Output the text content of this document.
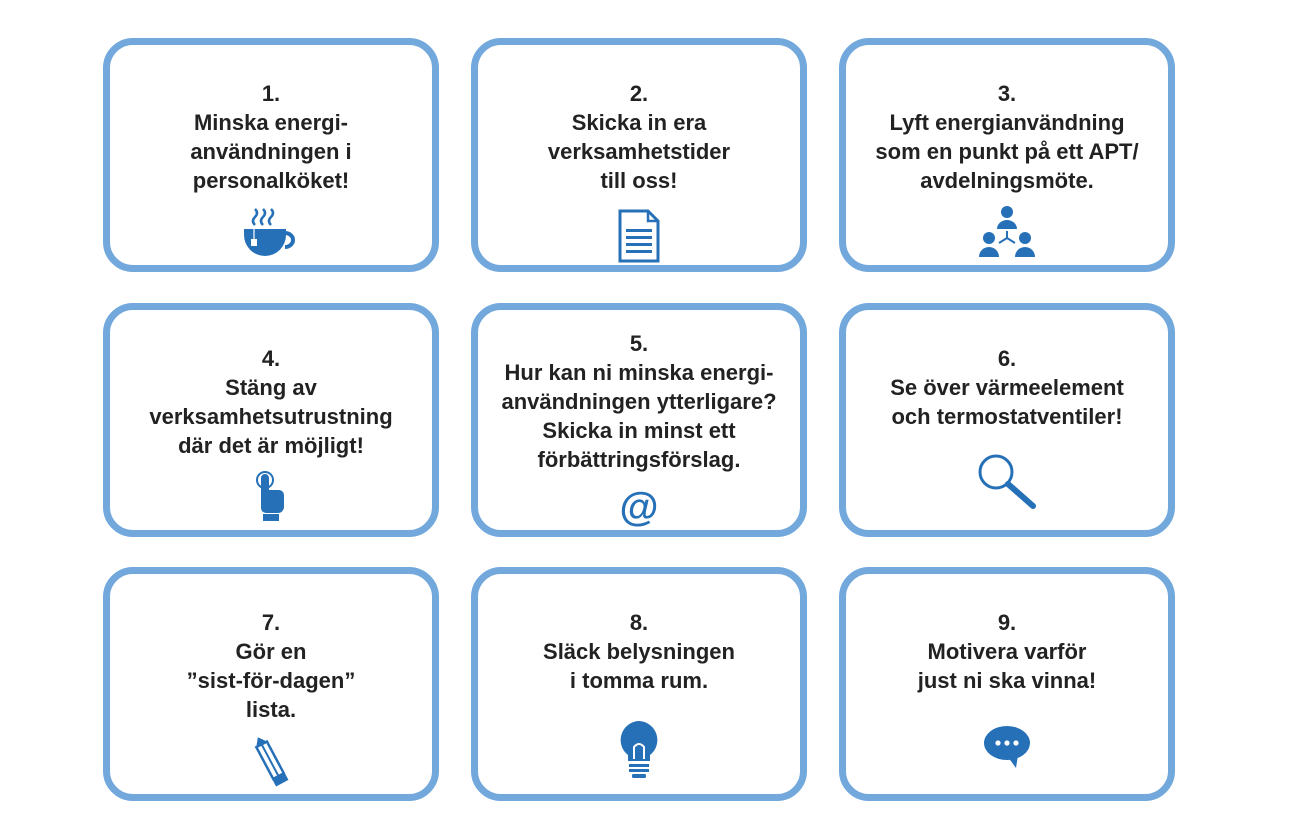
1.
Minska energi-
användningen i
personalköket!
2.
Skicka in era
verksamhetstider
till oss!
3.
Lyft energianvändning
som en punkt på ett APT/
avdelningsmöte.
4.
Stäng av
verksamhetsutrustning
där det är möjligt!
5.
Hur kan ni minska energi-
användningen ytterligare?
Skicka in minst ett
förbättringsförslag.
@
6.
Se över värmeelement
och termostatventiler!
7.
Gör en
”sist-för-dagen”
lista.
8.
Släck belysningen
i tomma rum.
9.
Motivera varför
just ni ska vinna!
